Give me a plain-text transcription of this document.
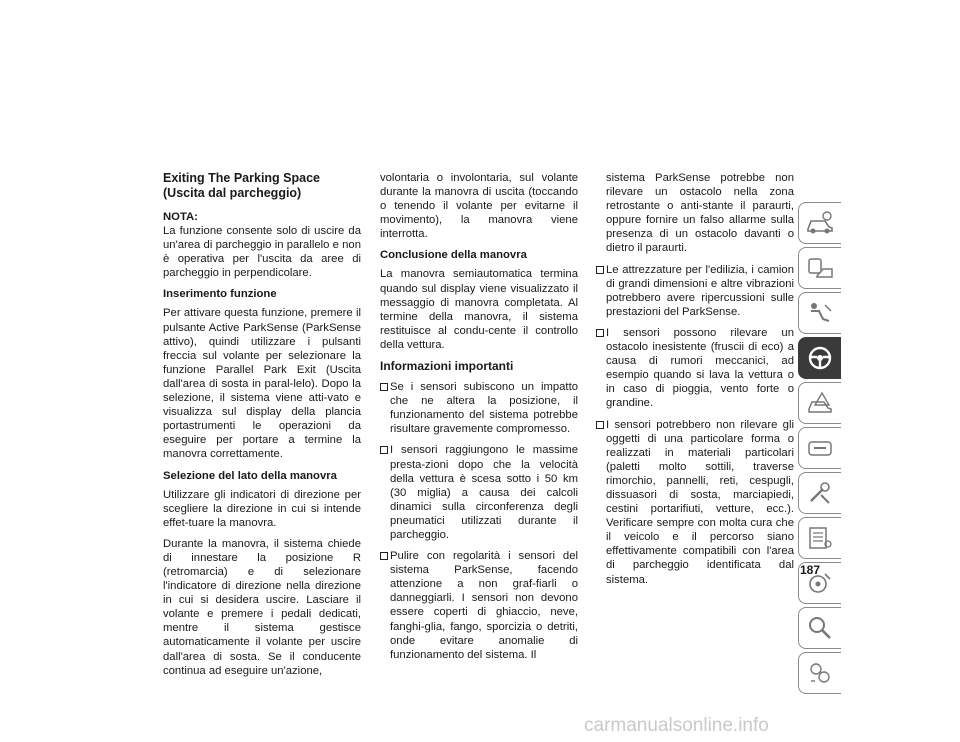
Exiting The Parking Space (Uscita dal parcheggio)

NOTA:

La funzione consente solo di uscire da un'area di parcheggio in parallelo e non è operativa per l'uscita da aree di parcheggio in perpendicolare.

Inserimento funzione

Per attivare questa funzione, premere il pulsante Active ParkSense (ParkSense attivo), quindi utilizzare i pulsanti freccia sul volante per selezionare la funzione Parallel Park Exit (Uscita dall'area di sosta in paral-lelo). Dopo la selezione, il sistema viene atti-vato e visualizza sul display della plancia portastrumenti le operazioni da eseguire per portare a termine la manovra correttamente.

Selezione del lato della manovra

Utilizzare gli indicatori di direzione per scegliere la direzione in cui si intende effet-tuare la manovra.

Durante la manovra, il sistema chiede di innestare la posizione R (retromarcia) e di selezionare l'indicatore di direzione nella direzione in cui si desidera uscire. Lasciare il volante e premere i pedali dedicati, mentre il sistema gestisce automaticamente il volante per uscire dall'area di sosta. Se il conducente continua ad eseguire un'azione,

volontaria o involontaria, sul volante durante la manovra di uscita (toccando o tenendo il volante per evitarne il movimento), la manovra viene interrotta.

Conclusione della manovra

La manovra semiautomatica termina quando sul display viene visualizzato il messaggio di manovra completata. Al termine della manovra, il sistema restituisce al condu-cente il controllo della vettura.

Informazioni importanti
Se i sensori subiscono un impatto che ne altera la posizione, il funzionamento del sistema potrebbe risultare gravemente compromesso.
I sensori raggiungono le massime presta-zioni dopo che la velocità della vettura è scesa sotto i 50 km (30 miglia) a causa dei calcoli dinamici sulla circonferenza degli pneumatici utilizzati durante il parcheggio.
Pulire con regolarità i sensori del sistema ParkSense, facendo attenzione a non graf-fiarli o danneggiarli. I sensori non devono essere coperti di ghiaccio, neve, fanghi-glia, fango, sporcizia o detriti, onde evitare anomalie di funzionamento del sistema. Il

sistema ParkSense potrebbe non rilevare un ostacolo nella zona retrostante o anti-stante il paraurti, oppure fornire un falso allarme sulla presenza di un ostacolo davanti o dietro il paraurti.

Le attrezzature per l'edilizia, i camion di grandi dimensioni e altre vibrazioni potrebbero avere ripercussioni sulle prestazioni del ParkSense.
I sensori possono rilevare un ostacolo inesistente (fruscii di eco) a causa di rumori meccanici, ad esempio quando si lava la vettura o in caso di pioggia, vento forte o grandine.
I sensori potrebbero non rilevare gli oggetti di una particolare forma o realizzati in materiali particolari (paletti molto sottili, traverse rimorchio, pannelli, reti, cespugli, dissuasori di sosta, marciapiedi, cestini portarifiuti, vetture, ecc.). Verificare sempre con molta cura che il veicolo e il percorso siano effettivamente compatibili con l'area di parcheggio identificata dal sistema.
187
carmanualsonline.info
